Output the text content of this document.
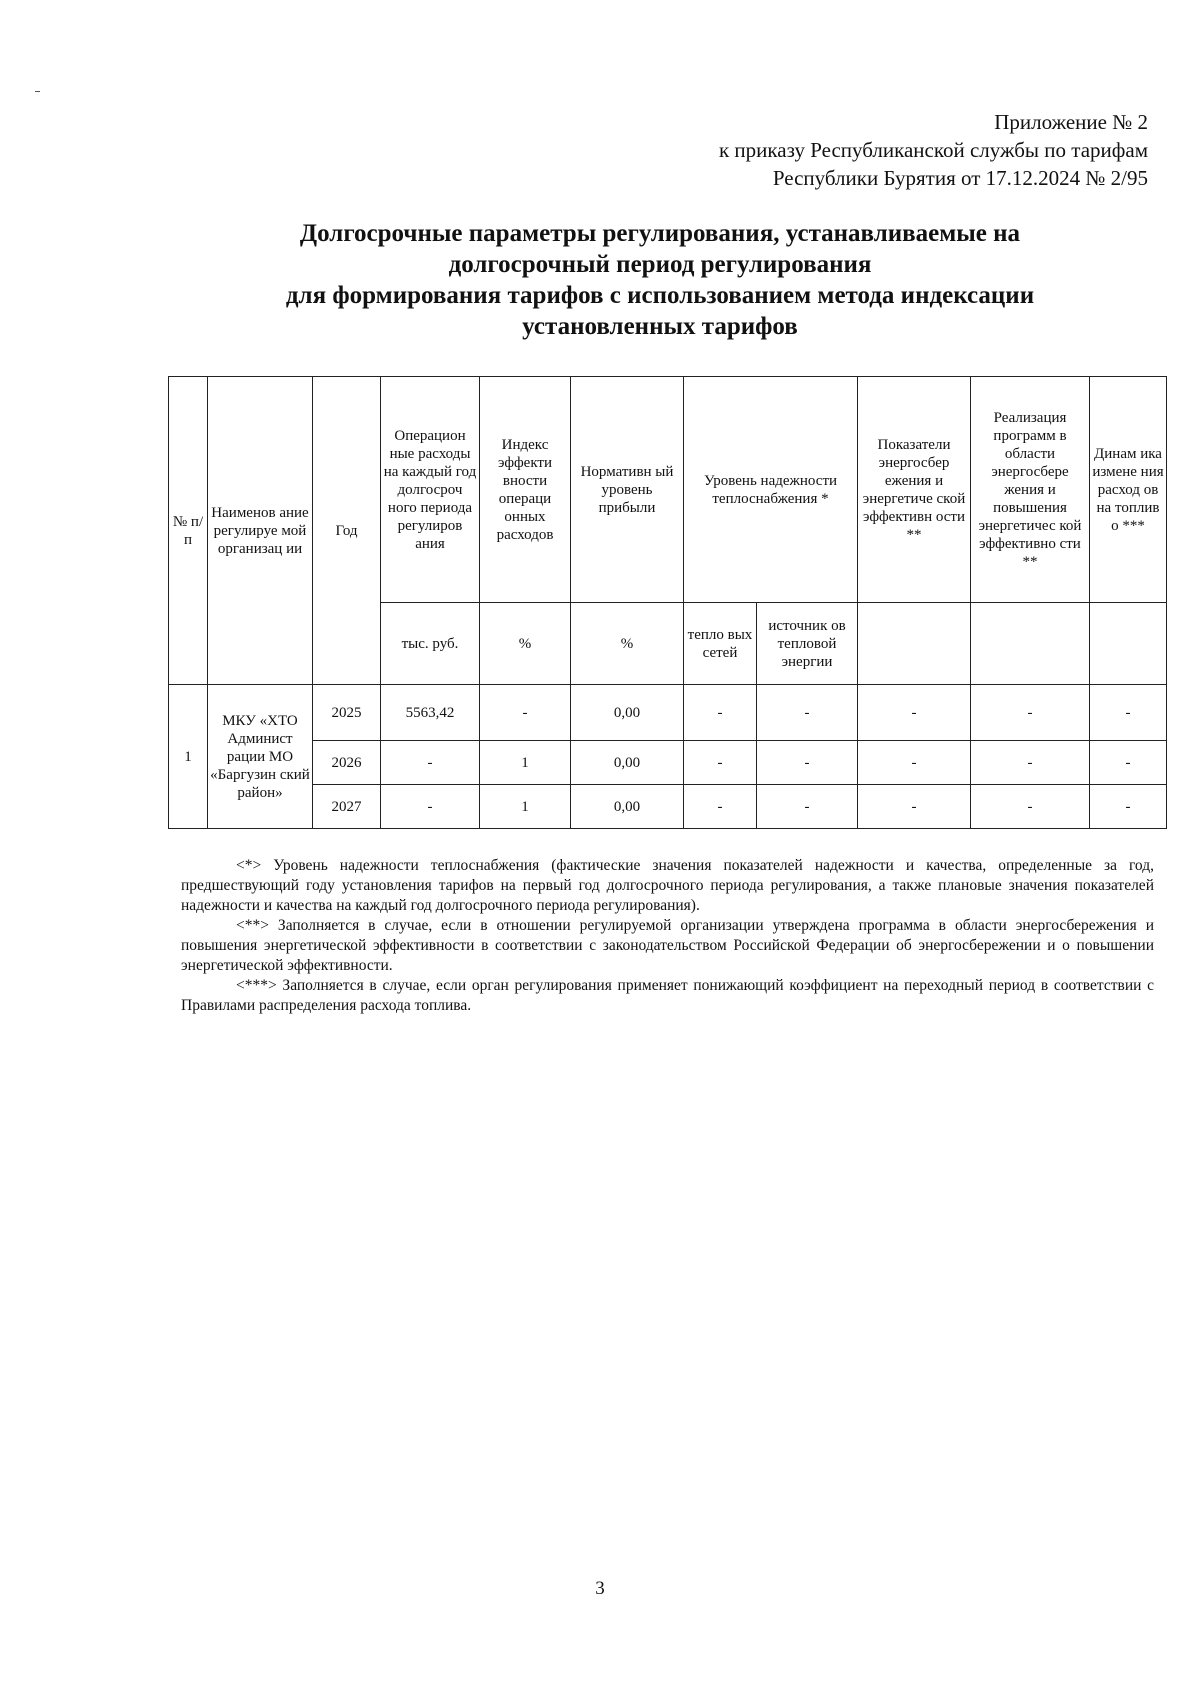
Приложение № 2
к приказу Республиканской службы по тарифам
Республики Бурятия от 17.12.2024 № 2/95
Долгосрочные параметры регулирования, устанавливаемые на
долгосрочный период регулирования
для формирования тарифов с использованием метода индексации
установленных тарифов
№ п/ п	Наименов ание регулируе мой организац ии	Год	Операцион ные расходы на каждый год долгосроч ного периода регулиров ания	Индекс эффекти вности операци онных расходов	Нормативн ый уровень прибыли	Уровень надежности теплоснабжения *		Показатели энергосбер ежения и энергетиче ской эффективн ости **	Реализация программ в области энергосбере жения и повышения энергетичес кой эффективно сти **	Динам ика измене ния расход ов на топлив о ***
			тыс. руб.	%	%	тепло вых сетей	источник ов тепловой энергии			
1	МКУ «ХТО Админист рации МО «Баргузин ский район»	2025	5563,42	-	0,00	-	-	-	-	-
		2026	-	1	0,00	-	-	-	-	-
		2027	-	1	0,00	-	-	-	-	-

<*> Уровень надежности теплоснабжения (фактические значения показателей надежности и качества, определенные за год, предшествующий году установления тарифов на первый год долгосрочного периода регулирования, а также плановые значения показателей надежности и качества на каждый год долгосрочного периода регулирования).

<**> Заполняется в случае, если в отношении регулируемой организации утверждена программа в области энергосбережения и повышения энергетической эффективности в соответствии с законодательством Российской Федерации об энергосбережении и о повышении энергетической эффективности.

<***> Заполняется в случае, если орган регулирования применяет понижающий коэффициент на переходный период в соответствии с Правилами распределения расхода топлива.

3
